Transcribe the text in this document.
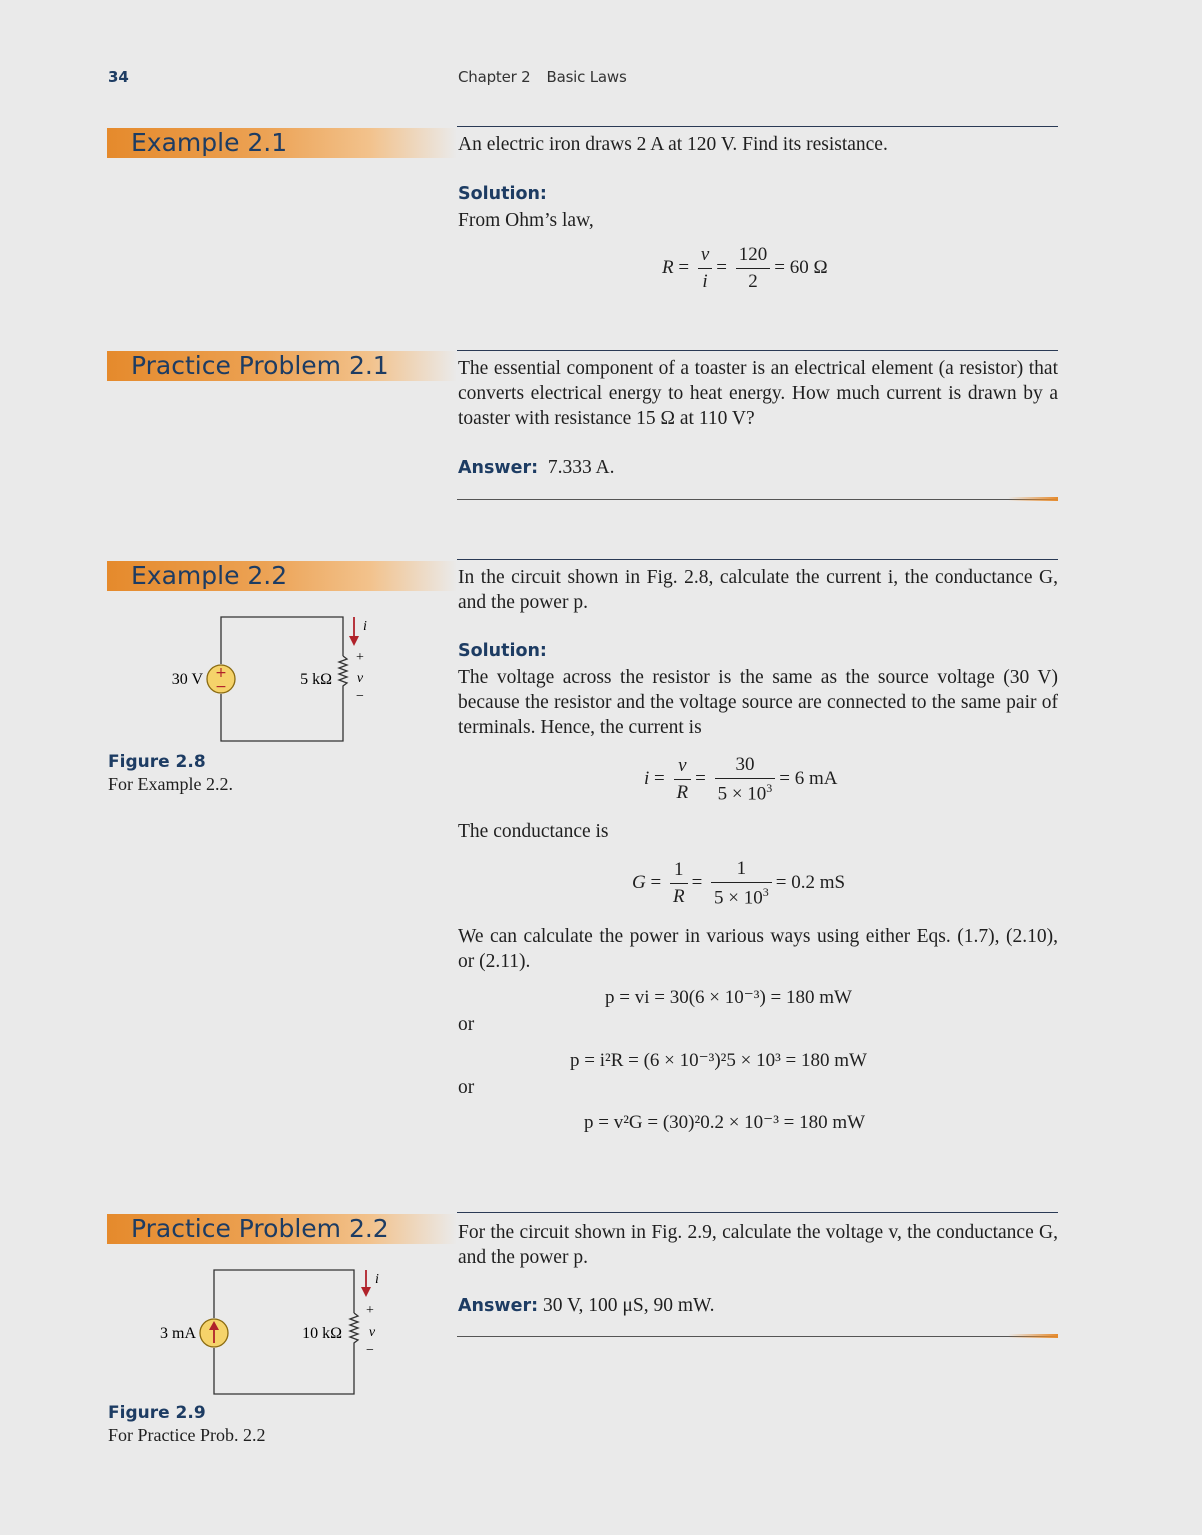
34	Chapter 2 Basic Laws
Example 2.1	An electric iron draws 2 A at 120 V. Find its resistance.
Solution:
From Ohm’s law,
$R = \frac{v}{i} = \frac{120}{2} = 60$ Ω
Practice Problem 2.1	The essential component of a toaster is an electrical element (a resistor) that converts electrical energy to heat energy. How much current is drawn by a toaster with resistance 15 Ω at 110 V?
Answer: 7.333 A.
Example 2.2	In the circuit shown in Fig. 2.8, calculate the current i, the conductance G, and the power p.
Solution:
The voltage across the resistor is the same as the source voltage (30 V) because the resistor and the voltage source are connected to the same pair of terminals. Hence, the current is
$i = \frac{v}{R} = \frac{30}{5 \times 10^3} = 6$ mA
The conductance is
$G = \frac{1}{R} = \frac{1}{5 \times 10^3} = 0.2$ mS
We can calculate the power in various ways using either Eqs. (1.7), (2.10), or (2.11).
p = vi = 30(6 × 10⁻³) = 180 mW
or
p = i²R = (6 × 10⁻³)²5 × 10³ = 180 mW
or
p = v²G = (30)²0.2 × 10⁻³ = 180 mW
+
−
i
+
v
−
30 V	5 kΩ
Figure 2.8
For Example 2.2.
Practice Problem 2.2	For the circuit shown in Fig. 2.9, calculate the voltage v, the conductance G, and the power p.
Answer: 30 V, 100 μS, 90 mW.
i
+
v
−
3 mA	10 kΩ
Figure 2.9
For Practice Prob. 2.2
